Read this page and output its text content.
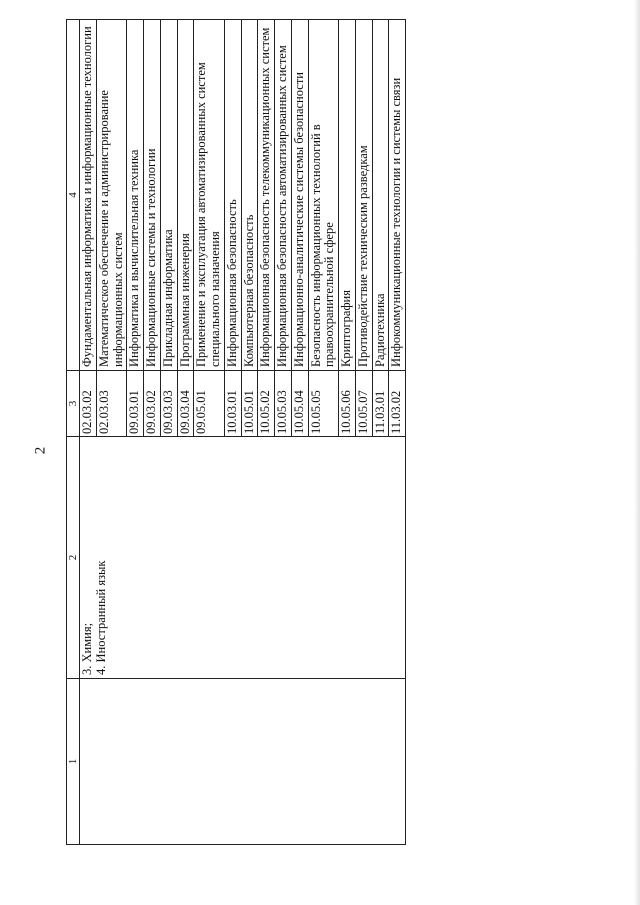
2
1	2	3	4

	3. Химия; 4. Иностранный язык	02.03.02	Фундаментальная информатика и информационные технологии
		02.03.03	Математическое обеспечение и администрирование информационных систем
		09.03.01	Информатика и вычислительная техника
		09.03.02	Информационные системы и технологии
		09.03.03	Прикладная информатика
		09.03.04	Программная инженерия
		09.05.01	Применение и эксплуатация автоматизированных систем специального назначения
		10.03.01	Информационная безопасность
		10.05.01	Компьютерная безопасность
		10.05.02	Информационная безопасность телекоммуникационных систем
		10.05.03	Информационная безопасность автоматизированных систем
		10.05.04	Информационно-аналитические системы безопасности
		10.05.05	Безопасность информационных технологий в правоохранительной сфере
		10.05.06	Криптография
		10.05.07	Противодействие техническим разведкам
		11.03.01	Радиотехника
		11.03.02	Инфокоммуникационные технологии и системы связи
